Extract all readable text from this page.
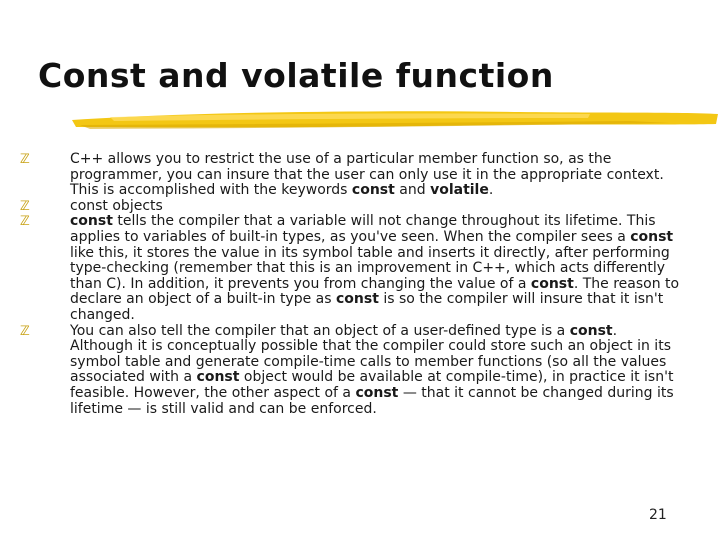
Const and volatile function
ℤ	C++ allows you to restrict the use of a particular member function so, as the programmer, you can insure that the user can only use it in the appropriate context. This is accomplished with the keywords const and volatile.
ℤ	const objects
ℤ	const tells the compiler that a variable will not change throughout its lifetime. This applies to variables of built-in types, as you've seen. When the compiler sees a const like this, it stores the value in its symbol table and inserts it directly, after performing type-checking (remember that this is an improvement in C++, which acts differently than C). In addition, it prevents you from changing the value of a const. The reason to declare an object of a built-in type as const is so the compiler will insure that it isn't changed.
ℤ	You can also tell the compiler that an object of a user-defined type is a const. Although it is conceptually possible that the compiler could store such an object in its symbol table and generate compile-time calls to member functions (so all the values associated with a const object would be available at compile-time), in practice it isn't feasible. However, the other aspect of a const — that it cannot be changed during its lifetime — is still valid and can be enforced.
21
